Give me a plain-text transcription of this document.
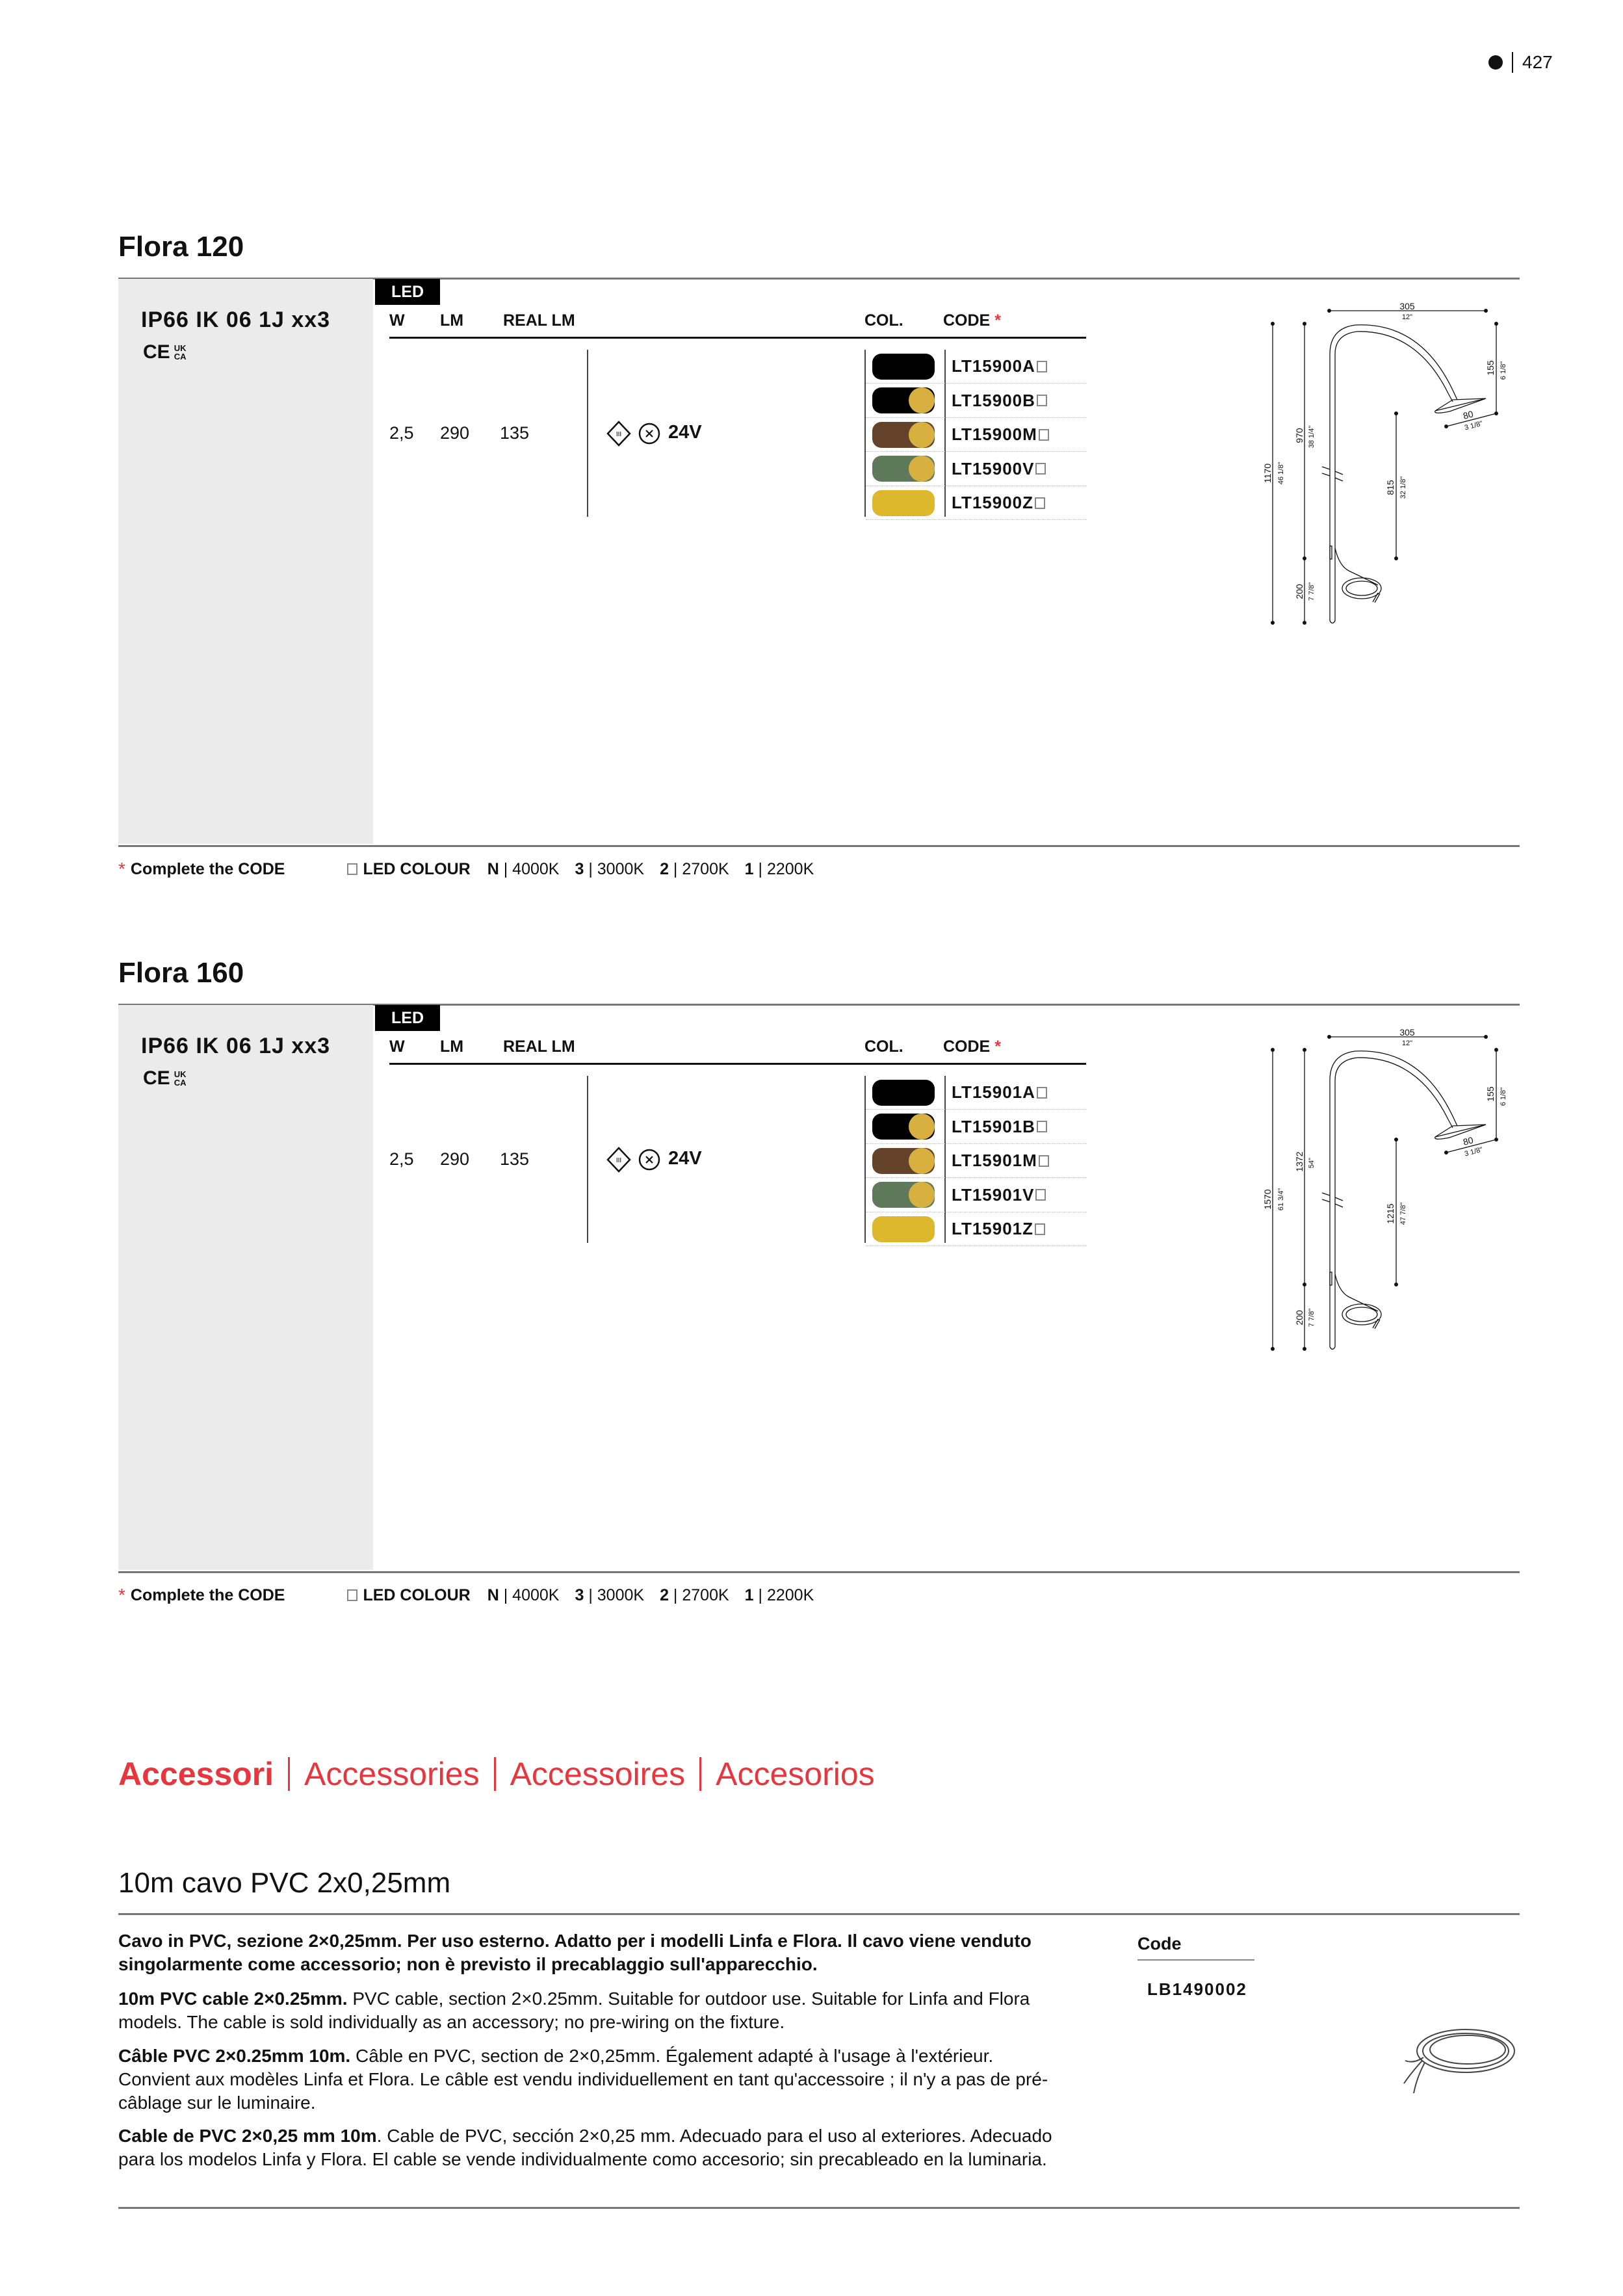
427
Flora 120
IP66 IK 06 1J xx3
CE UK
CA
LED
W LM REAL LM	COL. CODE *
2,5 290 135	III 24V
LT15900A
LT15900B
LT15900M
LT15900V
LT15900Z
305
12"
1170 46 1/8"
970 38 1/4"
815 32 1/8"
200 7 7/8"
155 6 1/8"
80
3 1/8"
* Complete the CODE	LED COLOUR N | 4000K 3 | 3000K 2 | 2700K 1 | 2200K
Flora 160
IP66 IK 06 1J xx3
CE UK
CA
LED
W LM REAL LM	COL. CODE *
2,5 290 135	III 24V
LT15901A
LT15901B
LT15901M
LT15901V
LT15901Z
305
12"
1570 61 3/4"
1372 54"
1215 47 7/8"
200 7 7/8"
155 6 1/8"
80
3 1/8"
* Complete the CODE	LED COLOUR N | 4000K 3 | 3000K 2 | 2700K 1 | 2200K
Accessori Accessories Accessoires Accesorios
10m cavo PVC 2x0,25mm
Cavo in PVC, sezione 2×0,25mm. Per uso esterno. Adatto per i modelli Linfa e Flora. Il cavo viene venduto singolarmente come accessorio; non è previsto il precablaggio sull'apparecchio.
10m PVC cable 2×0.25mm. PVC cable, section 2×0.25mm. Suitable for outdoor use. Suitable for Linfa and Flora models. The cable is sold individually as an accessory; no pre-wiring on the fixture.
Câble PVC 2×0.25mm 10m. Câble en PVC, section de 2×0,25mm. Également adapté à l'usage à l'extérieur. Convient aux modèles Linfa et Flora. Le câble est vendu individuellement en tant qu'accessoire ; il n'y a pas de pré-câblage sur le luminaire.
Cable de PVC 2×0,25 mm 10m. Cable de PVC, sección 2×0,25 mm. Adecuado para el uso al exteriores. Adecuado para los modelos Linfa y Flora. El cable se vende individualmente como accesorio; sin precableado en la luminaria.
Code
LB1490002
